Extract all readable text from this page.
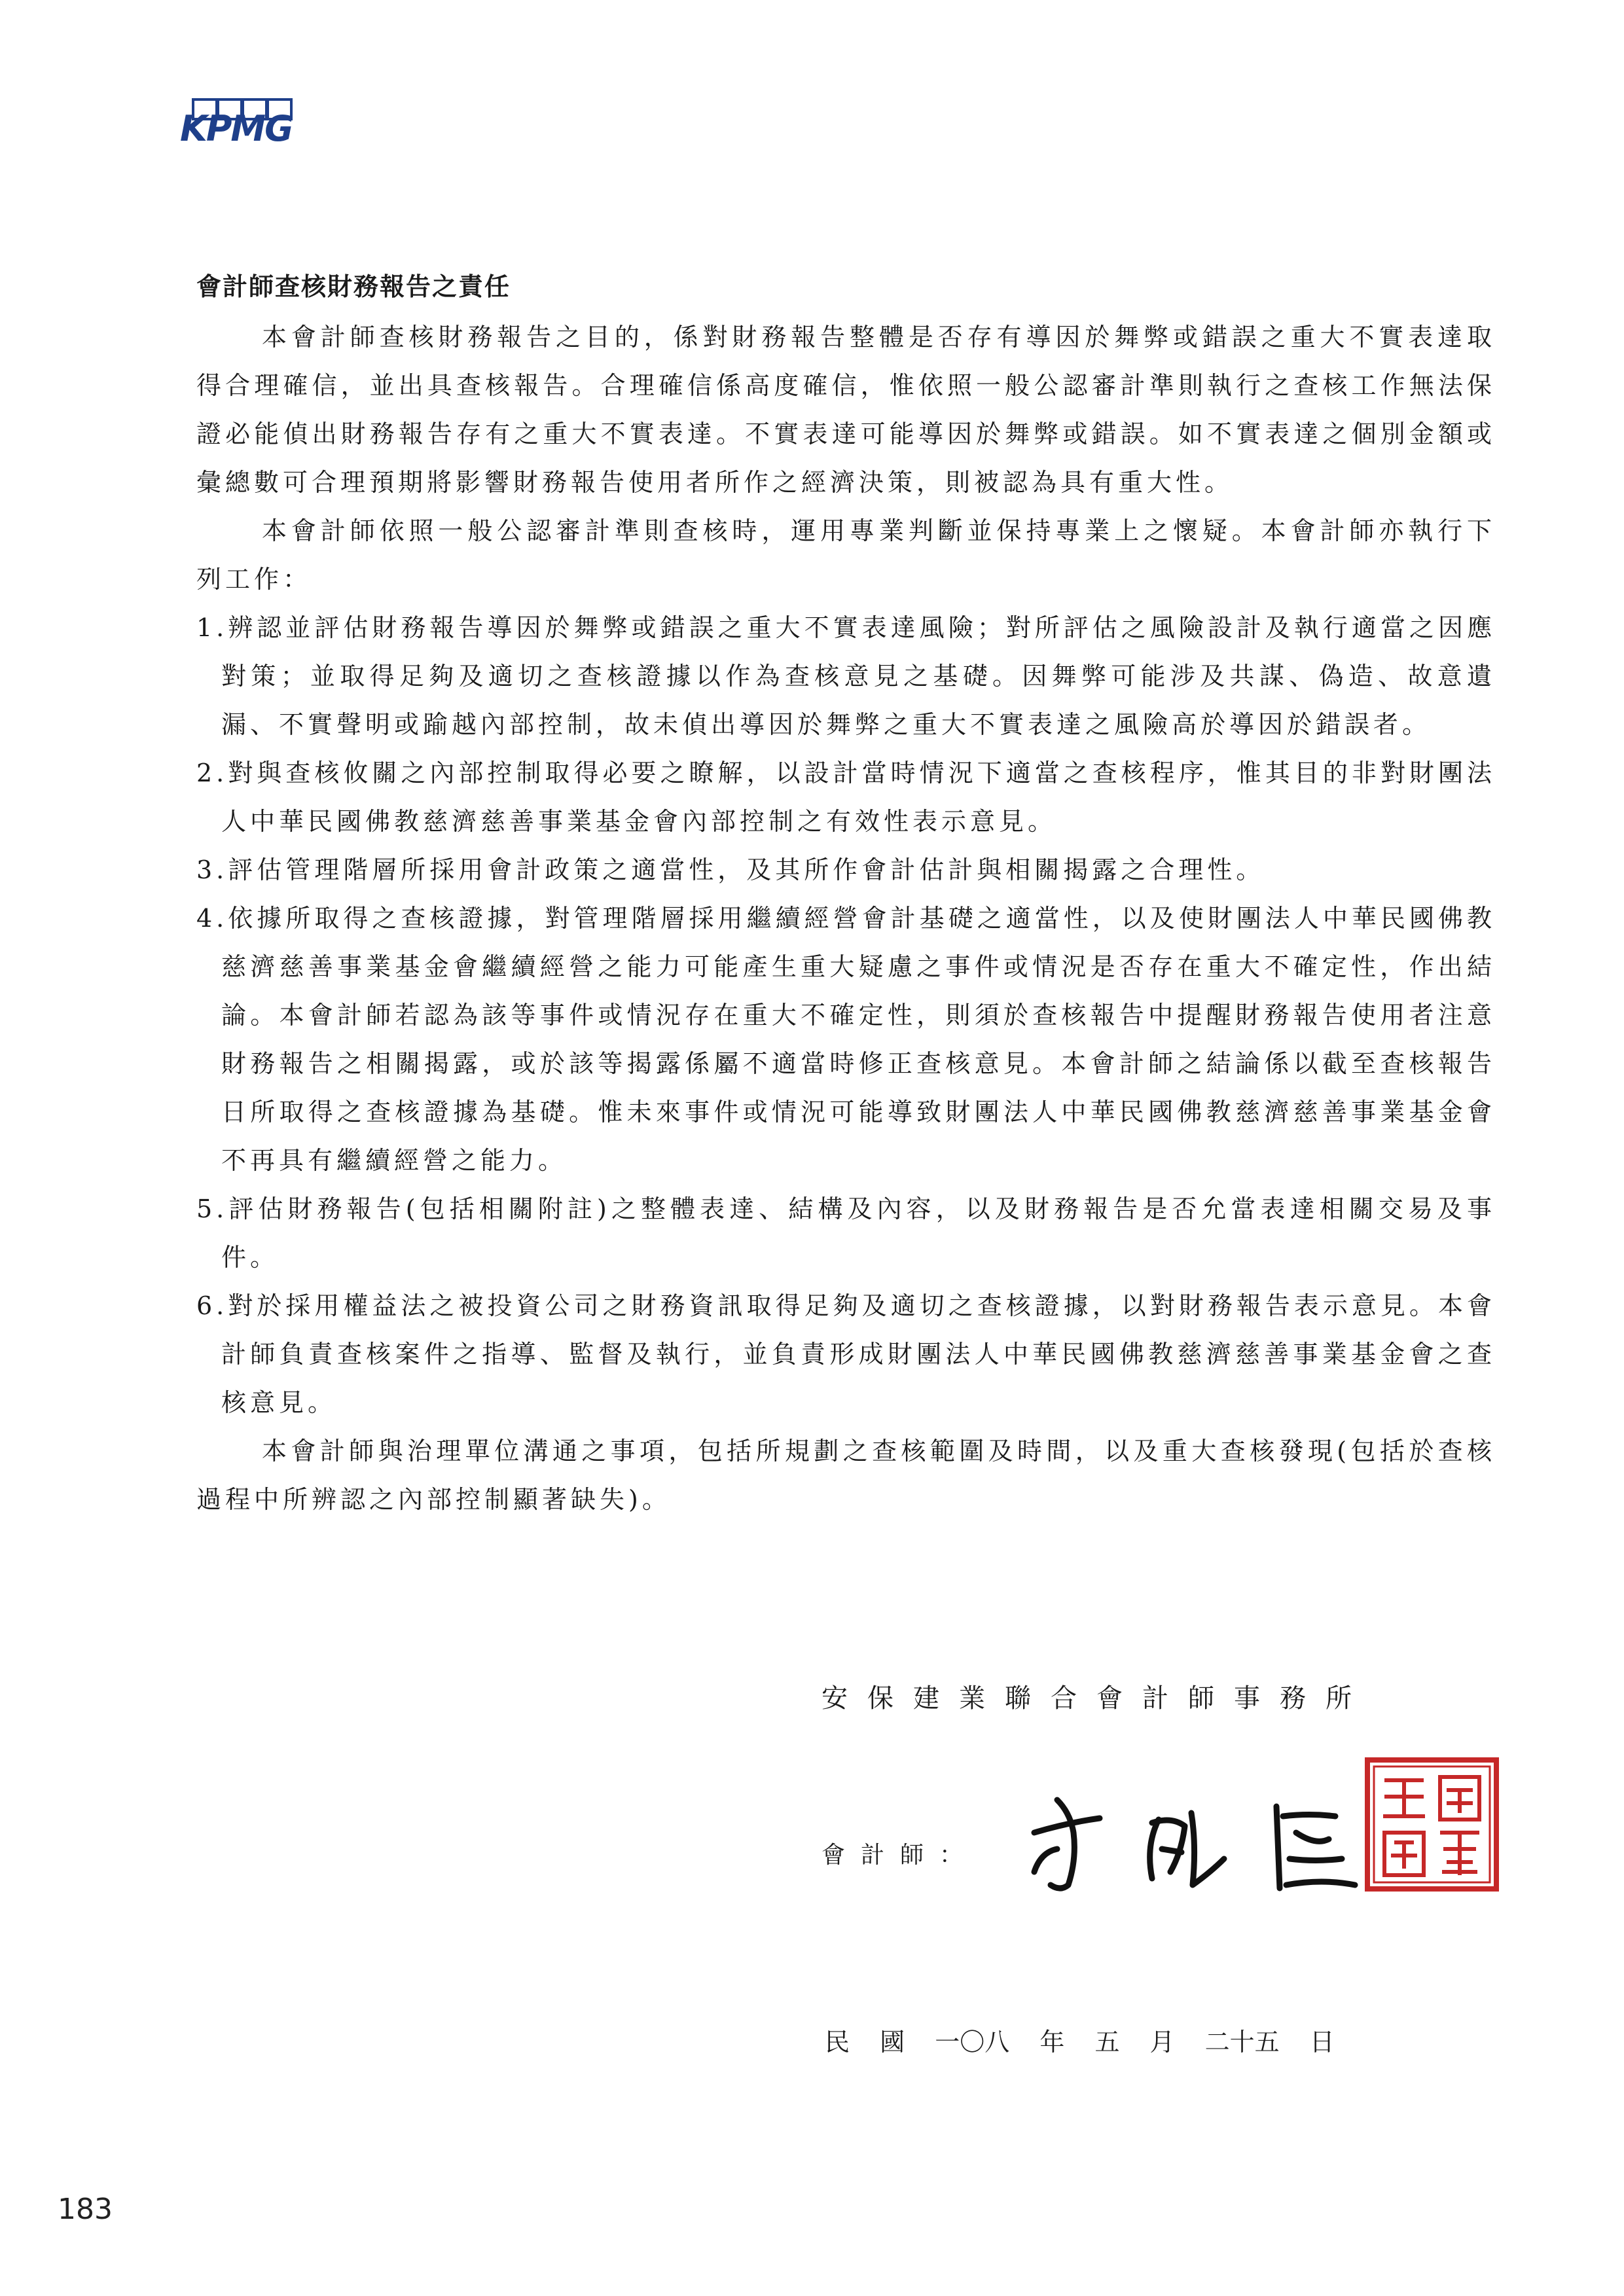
KPMG
會計師查核財務報告之責任

本會計師查核財務報告之目的，係對財務報告整體是否存有導因於舞弊或錯誤之重大不實表達取得合理確信，並出具查核報告。合理確信係高度確信，惟依照一般公認審計準則執行之查核工作無法保證必能偵出財務報告存有之重大不實表達。不實表達可能導因於舞弊或錯誤。如不實表達之個別金額或彙總數可合理預期將影響財務報告使用者所作之經濟決策，則被認為具有重大性。

本會計師依照一般公認審計準則查核時，運用專業判斷並保持專業上之懷疑。本會計師亦執行下列工作：

1.辨認並評估財務報告導因於舞弊或錯誤之重大不實表達風險；對所評估之風險設計及執行適當之因應對策；並取得足夠及適切之查核證據以作為查核意見之基礎。因舞弊可能涉及共謀、偽造、故意遺漏、不實聲明或踰越內部控制，故未偵出導因於舞弊之重大不實表達之風險高於導因於錯誤者。
2.對與查核攸關之內部控制取得必要之瞭解，以設計當時情況下適當之查核程序，惟其目的非對財團法人中華民國佛教慈濟慈善事業基金會內部控制之有效性表示意見。
3.評估管理階層所採用會計政策之適當性，及其所作會計估計與相關揭露之合理性。
4.依據所取得之查核證據，對管理階層採用繼續經營會計基礎之適當性，以及使財團法人中華民國佛教慈濟慈善事業基金會繼續經營之能力可能產生重大疑慮之事件或情況是否存在重大不確定性，作出結論。本會計師若認為該等事件或情況存在重大不確定性，則須於查核報告中提醒財務報告使用者注意財務報告之相關揭露，或於該等揭露係屬不適當時修正查核意見。本會計師之結論係以截至查核報告日所取得之查核證據為基礎。惟未來事件或情況可能導致財團法人中華民國佛教慈濟慈善事業基金會不再具有繼續經營之能力。
5.評估財務報告(包括相關附註)之整體表達、結構及內容，以及財務報告是否允當表達相關交易及事件。
6.對於採用權益法之被投資公司之財務資訊取得足夠及適切之查核證據，以對財務報告表示意見。本會計師負責查核案件之指導、監督及執行，並負責形成財團法人中華民國佛教慈濟慈善事業基金會之查核意見。

本會計師與治理單位溝通之事項，包括所規劃之查核範圍及時間，以及重大查核發現(包括於查核過程中所辨認之內部控制顯著缺失)。

安保建業聯合會計師事務所
會計師：
民 國 一〇八 年 五 月 二十五 日
183
